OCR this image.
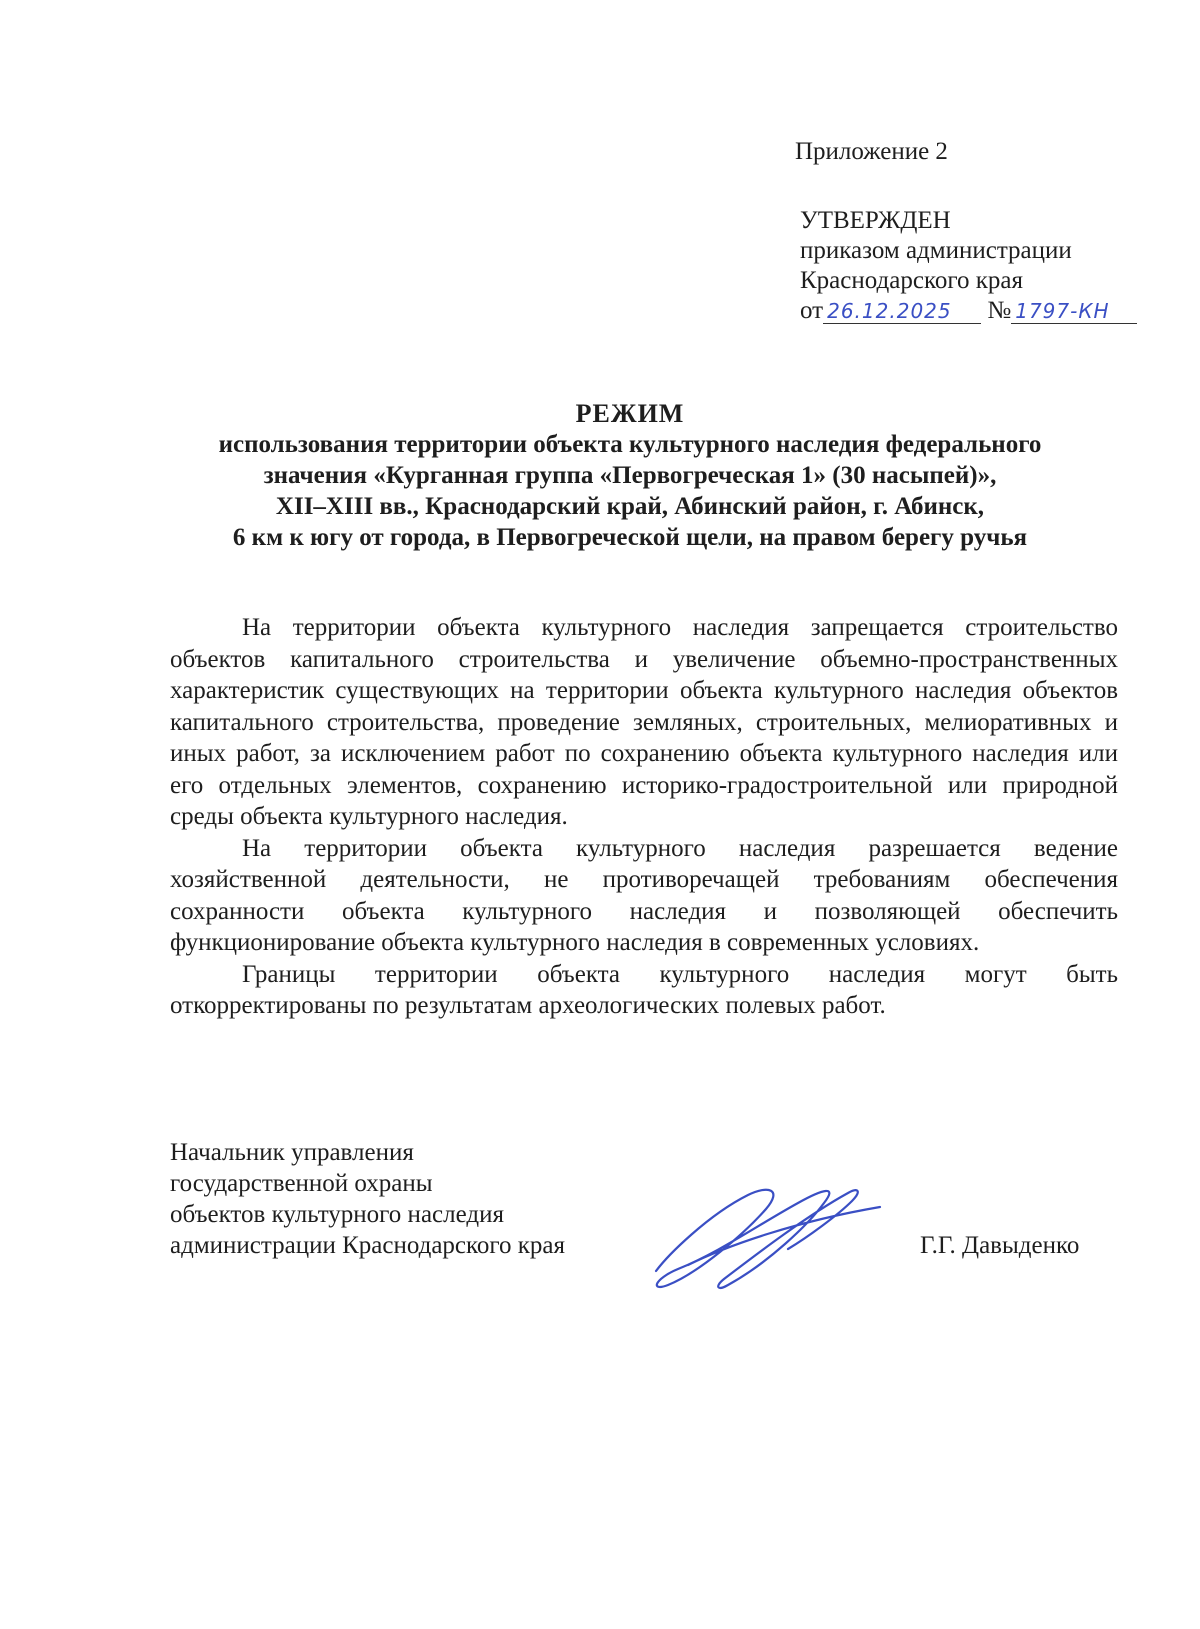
Приложение 2
УТВЕРЖДЕН
приказом администрации
Краснодарского края
от 26.12.2025 № 1797-КН
РЕЖИМ
использования территории объекта культурного наследия федерального
значения «Курганная группа «Первогреческая 1» (30 насыпей)»,
XII–XIII вв., Краснодарский край, Абинский район, г. Абинск,
6 км к югу от города, в Первогреческой щели, на правом берегу ручья

На территории объекта культурного наследия запрещается строительство объектов капитального строительства и увеличение объемно-пространственных характеристик существующих на территории объекта культурного наследия объектов капитального строительства, проведение земляных, строительных, мелиоративных и иных работ, за исключением работ по сохранению объекта культурного наследия или его отдельных элементов, сохранению историко-градостроительной или природной среды объекта культурного наследия.

На территории объекта культурного наследия разрешается ведение хозяйственной деятельности, не противоречащей требованиям обеспечения сохранности объекта культурного наследия и позволяющей обеспечить функционирование объекта культурного наследия в современных условиях.

Границы территории объекта культурного наследия могут быть откорректированы по результатам археологических полевых работ.

Начальник управления
государственной охраны
объектов культурного наследия
администрации Краснодарского края	Г.Г. Давыденко
